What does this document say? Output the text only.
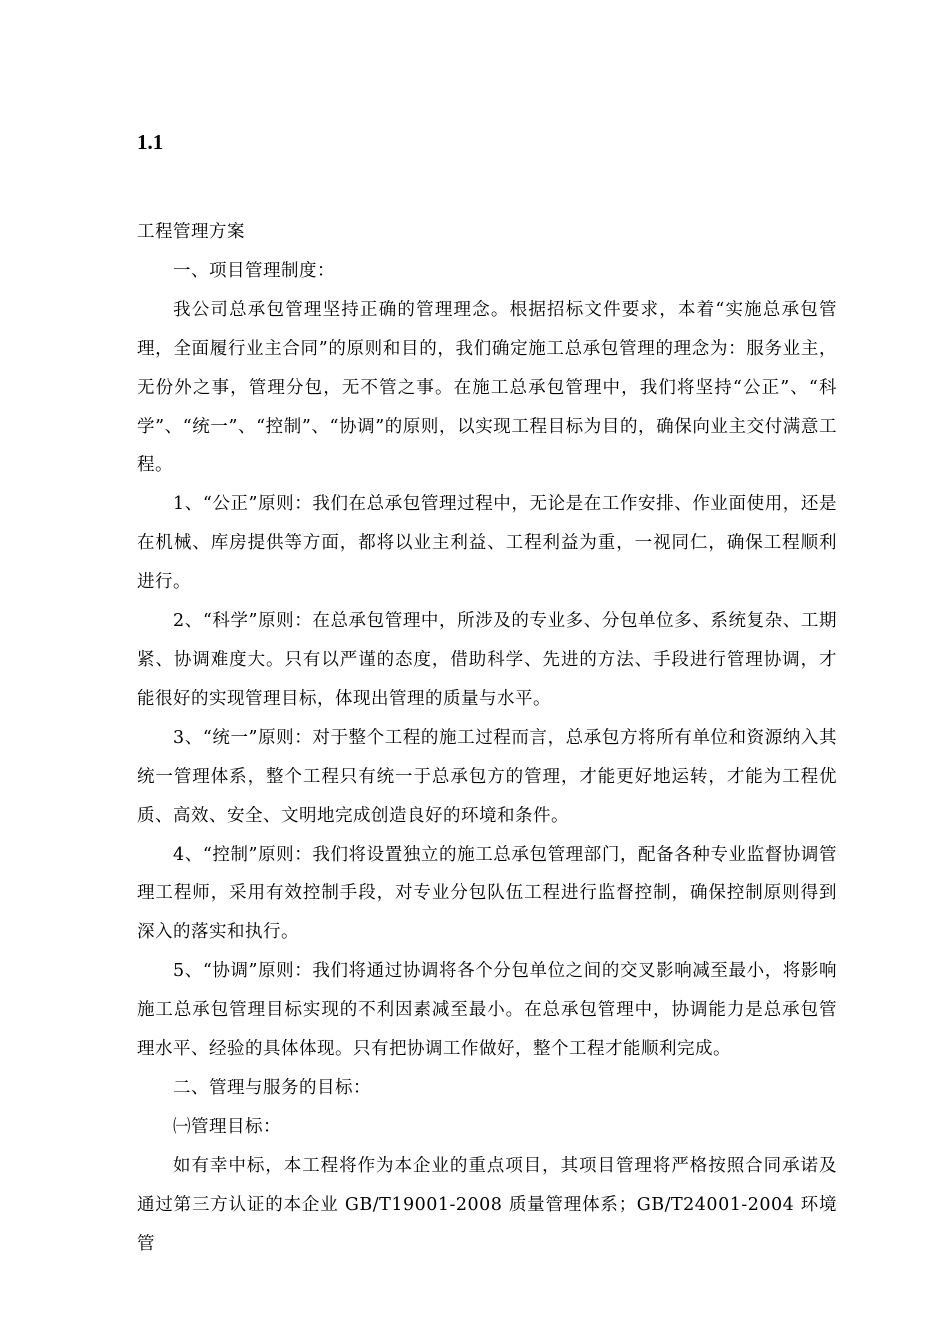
1.1

工程管理方案

一、项目管理制度：

我公司总承包管理坚持正确的管理理念。根据招标文件要求，本着“实施总承包管理，全面履行业主合同”的原则和目的，我们确定施工总承包管理的理念为：服务业主，无份外之事，管理分包，无不管之事。在施工总承包管理中，我们将坚持“公正”、“科学”、“统一”、“控制”、“协调”的原则，以实现工程目标为目的，确保向业主交付满意工程。

1、“公正”原则：我们在总承包管理过程中，无论是在工作安排、作业面使用，还是在机械、库房提供等方面，都将以业主利益、工程利益为重，一视同仁，确保工程顺利进行。

2、“科学”原则：在总承包管理中，所涉及的专业多、分包单位多、系统复杂、工期紧、协调难度大。只有以严谨的态度，借助科学、先进的方法、手段进行管理协调，才能很好的实现管理目标，体现出管理的质量与水平。

3、“统一”原则：对于整个工程的施工过程而言，总承包方将所有单位和资源纳入其统一管理体系，整个工程只有统一于总承包方的管理，才能更好地运转，才能为工程优质、高效、安全、文明地完成创造良好的环境和条件。

4、“控制”原则：我们将设置独立的施工总承包管理部门，配备各种专业监督协调管理工程师，采用有效控制手段，对专业分包队伍工程进行监督控制，确保控制原则得到深入的落实和执行。

5、“协调”原则：我们将通过协调将各个分包单位之间的交叉影响减至最小，将影响施工总承包管理目标实现的不利因素减至最小。在总承包管理中，协调能力是总承包管理水平、经验的具体体现。只有把协调工作做好，整个工程才能顺利完成。

二、管理与服务的目标：

㈠管理目标：

如有幸中标，本工程将作为本企业的重点项目，其项目管理将严格按照合同承诺及通过第三方认证的本企业 GB/T19001-2008 质量管理体系；GB/T24001-2004 环境管
